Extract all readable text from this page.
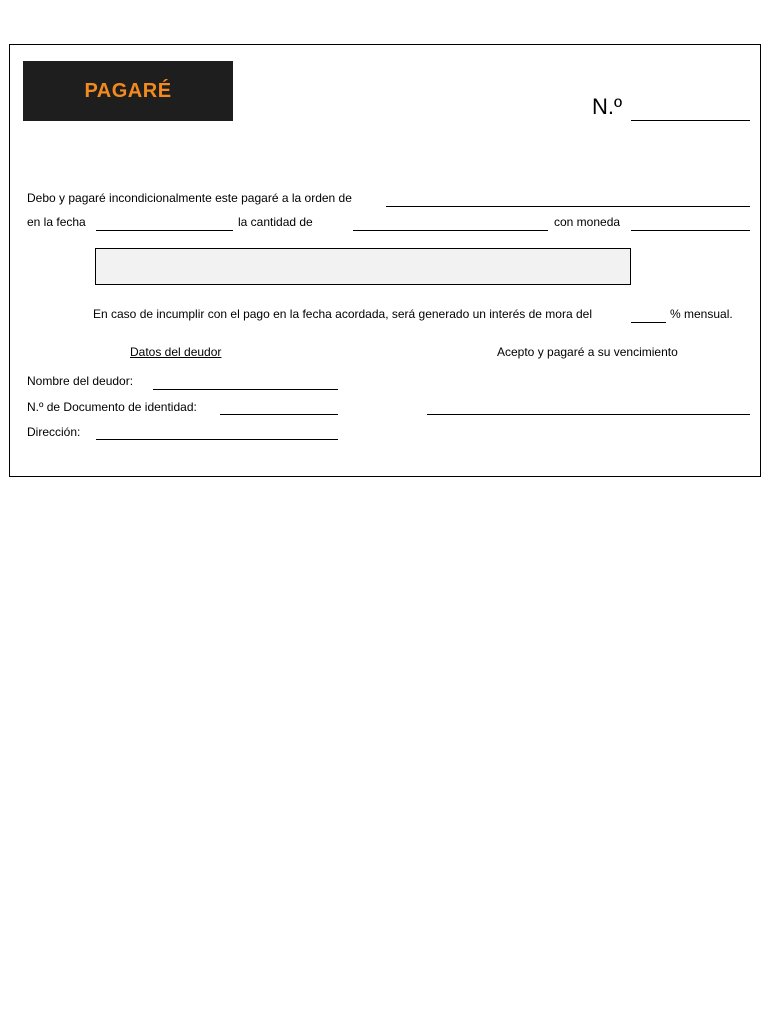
PAGARÉ
N.º
Debo y pagaré incondicionalmente este pagaré a la orden de
en la fecha	la cantidad de	con moneda
En caso de incumplir con el pago en la fecha acordada, será generado un interés de mora del	% mensual.
Datos del deudor	Acepto y pagaré a su vencimiento
Nombre del deudor:
N.º de Documento de identidad:
Dirección:
